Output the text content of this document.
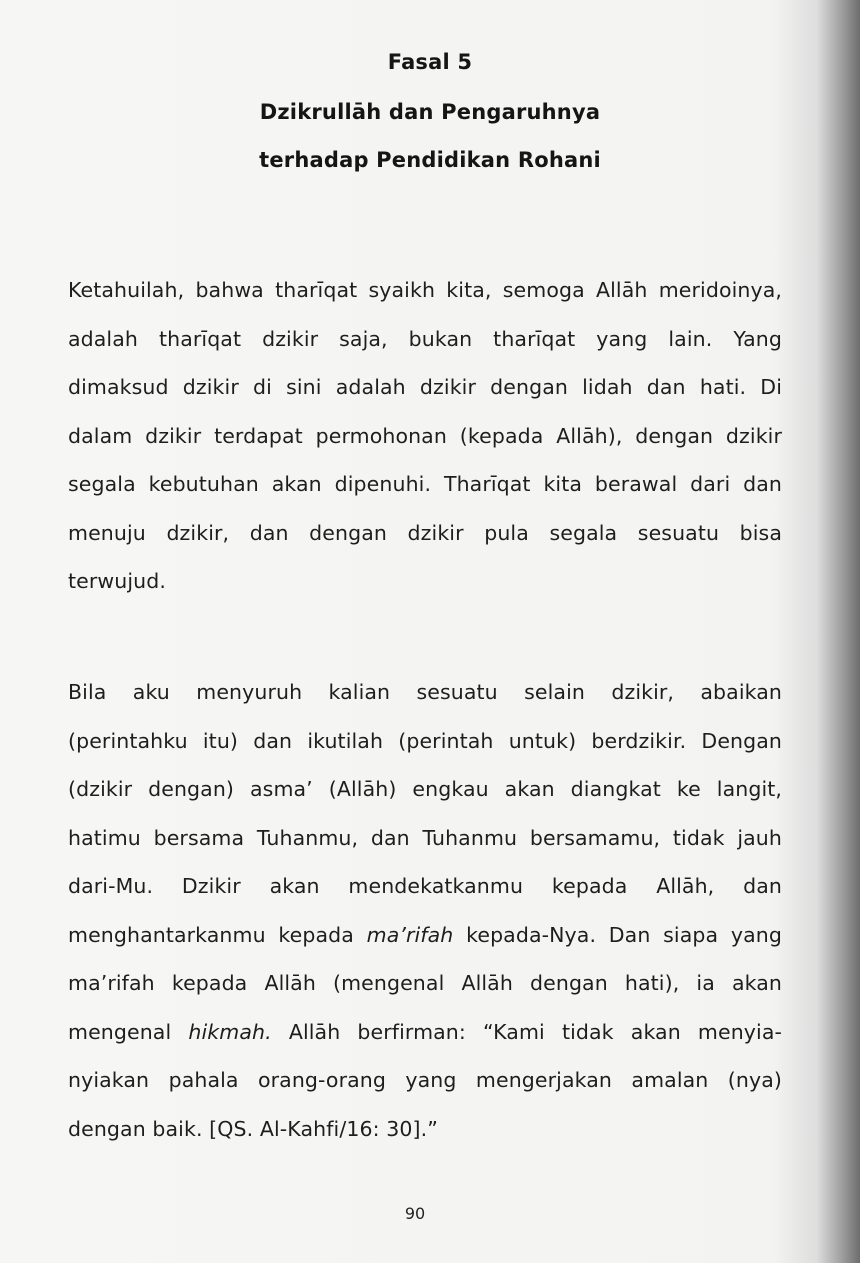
Fasal 5
Dzikrullāh dan Pengaruhnya
terhadap Pendidikan Rohani
Ketahuilah, bahwa tharīqat syaikh kita, semoga Allāh meridoinya,
adalah tharīqat dzikir saja, bukan tharīqat yang lain. Yang
dimaksud dzikir di sini adalah dzikir dengan lidah dan hati. Di
dalam dzikir terdapat permohonan (kepada Allāh), dengan dzikir
segala kebutuhan akan dipenuhi. Tharīqat kita berawal dari dan
menuju dzikir, dan dengan dzikir pula segala sesuatu bisa
terwujud.
Bila aku menyuruh kalian sesuatu selain dzikir, abaikan
(perintahku itu) dan ikutilah (perintah untuk) berdzikir. Dengan
(dzikir dengan) asma’ (Allāh) engkau akan diangkat ke langit,
hatimu bersama Tuhanmu, dan Tuhanmu bersamamu, tidak jauh
dari-Mu. Dzikir akan mendekatkanmu kepada Allāh, dan
menghantarkanmu kepada ma’rifah kepada-Nya. Dan siapa yang
ma’rifah kepada Allāh (mengenal Allāh dengan hati), ia akan
mengenal hikmah. Allāh berfirman: “Kami tidak akan menyia-
nyiakan pahala orang-orang yang mengerjakan amalan (nya)
dengan baik. [QS. Al-Kahfi/16: 30].”
90
